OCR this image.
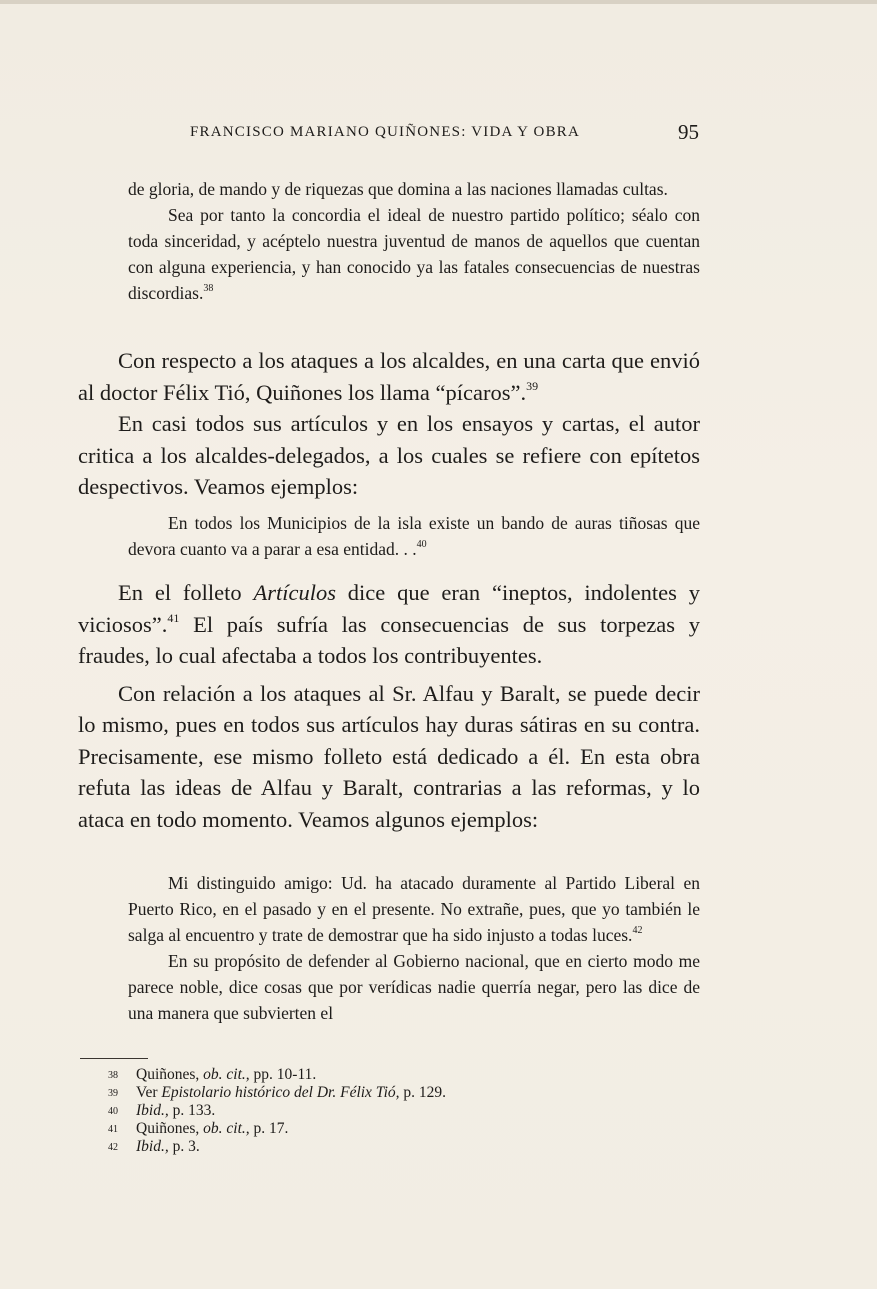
FRANCISCO MARIANO QUIÑONES: VIDA Y OBRA	95

de gloria, de mando y de riquezas que domina a las naciones llamadas cultas.

Sea por tanto la concordia el ideal de nuestro partido político; séalo con toda sinceridad, y acéptelo nuestra juventud de manos de aquellos que cuentan con alguna experiencia, y han conocido ya las fatales consecuencias de nuestras discordias.$^{38}$

Con respecto a los ataques a los alcaldes, en una carta que envió al doctor Félix Tió, Quiñones los llama “pícaros”.$^{39}$

En casi todos sus artículos y en los ensayos y cartas, el autor critica a los alcaldes-delegados, a los cuales se refiere con epítetos despectivos. Veamos ejemplos:

En todos los Municipios de la isla existe un bando de auras tiñosas que devora cuanto va a parar a esa entidad. . .$^{40}$

En el folleto Artículos dice que eran “ineptos, indolentes y viciosos”.$^{41}$ El país sufría las consecuencias de sus torpezas y fraudes, lo cual afectaba a todos los contribuyentes.

Con relación a los ataques al Sr. Alfau y Baralt, se puede decir lo mismo, pues en todos sus artículos hay duras sátiras en su contra. Precisamente, ese mismo folleto está dedicado a él. En esta obra refuta las ideas de Alfau y Baralt, contrarias a las reformas, y lo ataca en todo momento. Veamos algunos ejemplos:

Mi distinguido amigo: Ud. ha atacado duramente al Partido Liberal en Puerto Rico, en el pasado y en el presente. No extrañe, pues, que yo también le salga al encuentro y trate de demostrar que ha sido injusto a todas luces.$^{42}$

En su propósito de defender al Gobierno nacional, que en cierto modo me parece noble, dice cosas que por verídicas nadie querría negar, pero las dice de una manera que subvierten el

38	Quiñones, ob. cit., pp. 10-11.
39	Ver Epistolario histórico del Dr. Félix Tió, p. 129.
40	Ibid., p. 133.
41	Quiñones, ob. cit., p. 17.
42	Ibid., p. 3.
